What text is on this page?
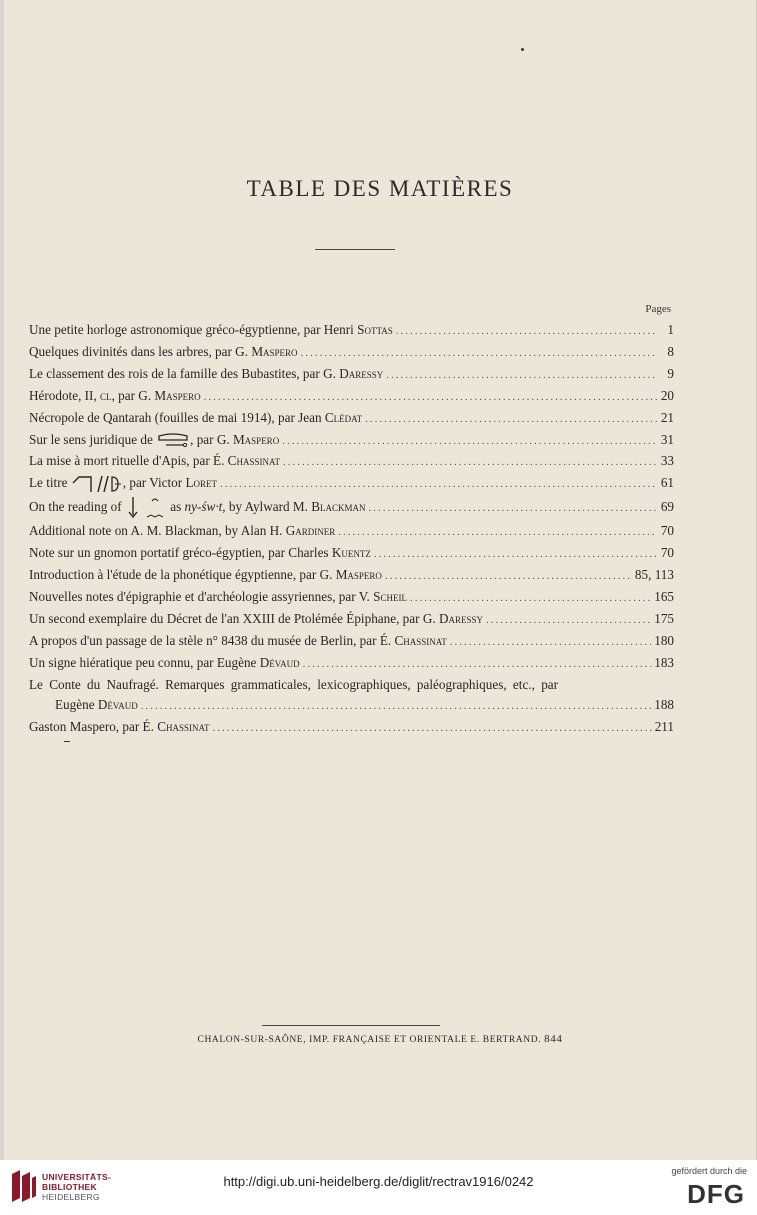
TABLE DES MATIÈRES
Pages
Une petite horloge astronomique gréco-égyptienne, par Henri Sottas .....	1
Quelques divinités dans les arbres, par G. Maspero .....	8
Le classement des rois de la famille des Bubastites, par G. Daressy .....	9
Hérodote, II, cl, par G. Maspero .....	20
Nécropole de Qantarah (fouilles de mai 1914), par Jean Clédat .....	21
Sur le sens juridique de	, par G. Maspero .....	31
La mise à mort rituelle d'Apis, par É. Chassinat .....	33
Le titre	, par Victor Loret .....	61
On the reading of	as ny-św·t, by Aylward M. Blackman .....	69
Additional note on A. M. Blackman, by Alan H. Gardiner .....	70
Note sur un gnomon portatif gréco-égyptien, par Charles Kuentz .....	70
Introduction à l'étude de la phonétique égyptienne, par G. Maspero .....	85, 113
Nouvelles notes d'épigraphie et d'archéologie assyriennes, par V. Scheil .....	165
Un second exemplaire du Décret de l'an XXIII de Ptolémée Épiphane, par G. Daressy .....	175
A propos d'un passage de la stèle n° 8438 du musée de Berlin, par É. Chassinat .....	180
Un signe hiératique peu connu, par Eugène Dévaud .....	183
Le Conte du Naufragé. Remarques grammaticales, lexicographiques, paléographiques, etc., par
Eugène Dévaud .....	188
Gaston Maspero, par É. Chassinat .....	211
CHALON-SUR-SAÔNE, IMP. FRANÇAISE ET ORIENTALE E. BERTRAND. 844
UNIVERSITÄTS-
BIBLIOTHEK
HEIDELBERG
http://digi.ub.uni-heidelberg.de/diglit/rectrav1916/0242
gefördert durch die
DFG
